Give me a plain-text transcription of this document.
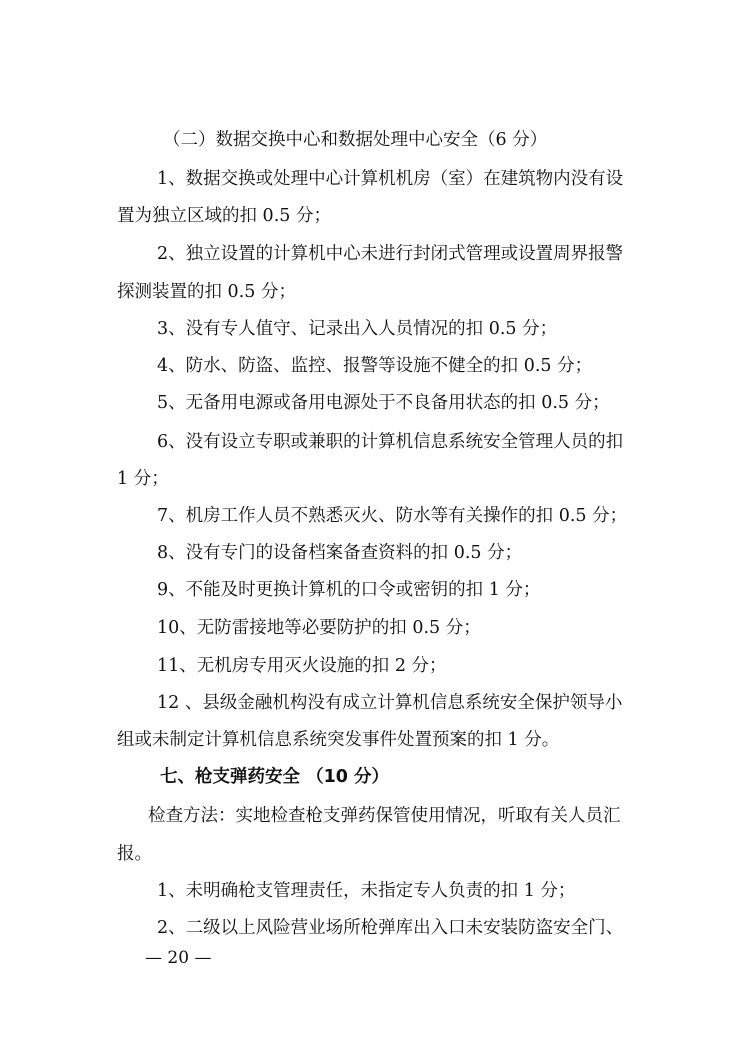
（二）数据交换中心和数据处理中心安全（6 分）
1、数据交换或处理中心计算机机房（室）在建筑物内没有设
置为独立区域的扣 0.5 分；
2、独立设置的计算机中心未进行封闭式管理或设置周界报警
探测装置的扣 0.5 分；
3、没有专人值守、记录出入人员情况的扣 0.5 分；
4、防水、防盗、监控、报警等设施不健全的扣 0.5 分；
5、无备用电源或备用电源处于不良备用状态的扣 0.5 分；
6、没有设立专职或兼职的计算机信息系统安全管理人员的扣
1 分；
7、机房工作人员不熟悉灭火、防水等有关操作的扣 0.5 分；
8、没有专门的设备档案备查资料的扣 0.5 分；
9、不能及时更换计算机的口令或密钥的扣 1 分；
10、无防雷接地等必要防护的扣 0.5 分；
11、无机房专用灭火设施的扣 2 分；
12 、县级金融机构没有成立计算机信息系统安全保护领导小
组或未制定计算机信息系统突发事件处置预案的扣 1 分。
七、枪支弹药安全 （10 分）
检查方法：实地检查枪支弹药保管使用情况，听取有关人员汇
报。
1、未明确枪支管理责任，未指定专人负责的扣 1 分；
2、二级以上风险营业场所枪弹库出入口未安装防盗安全门、
— 20 —
